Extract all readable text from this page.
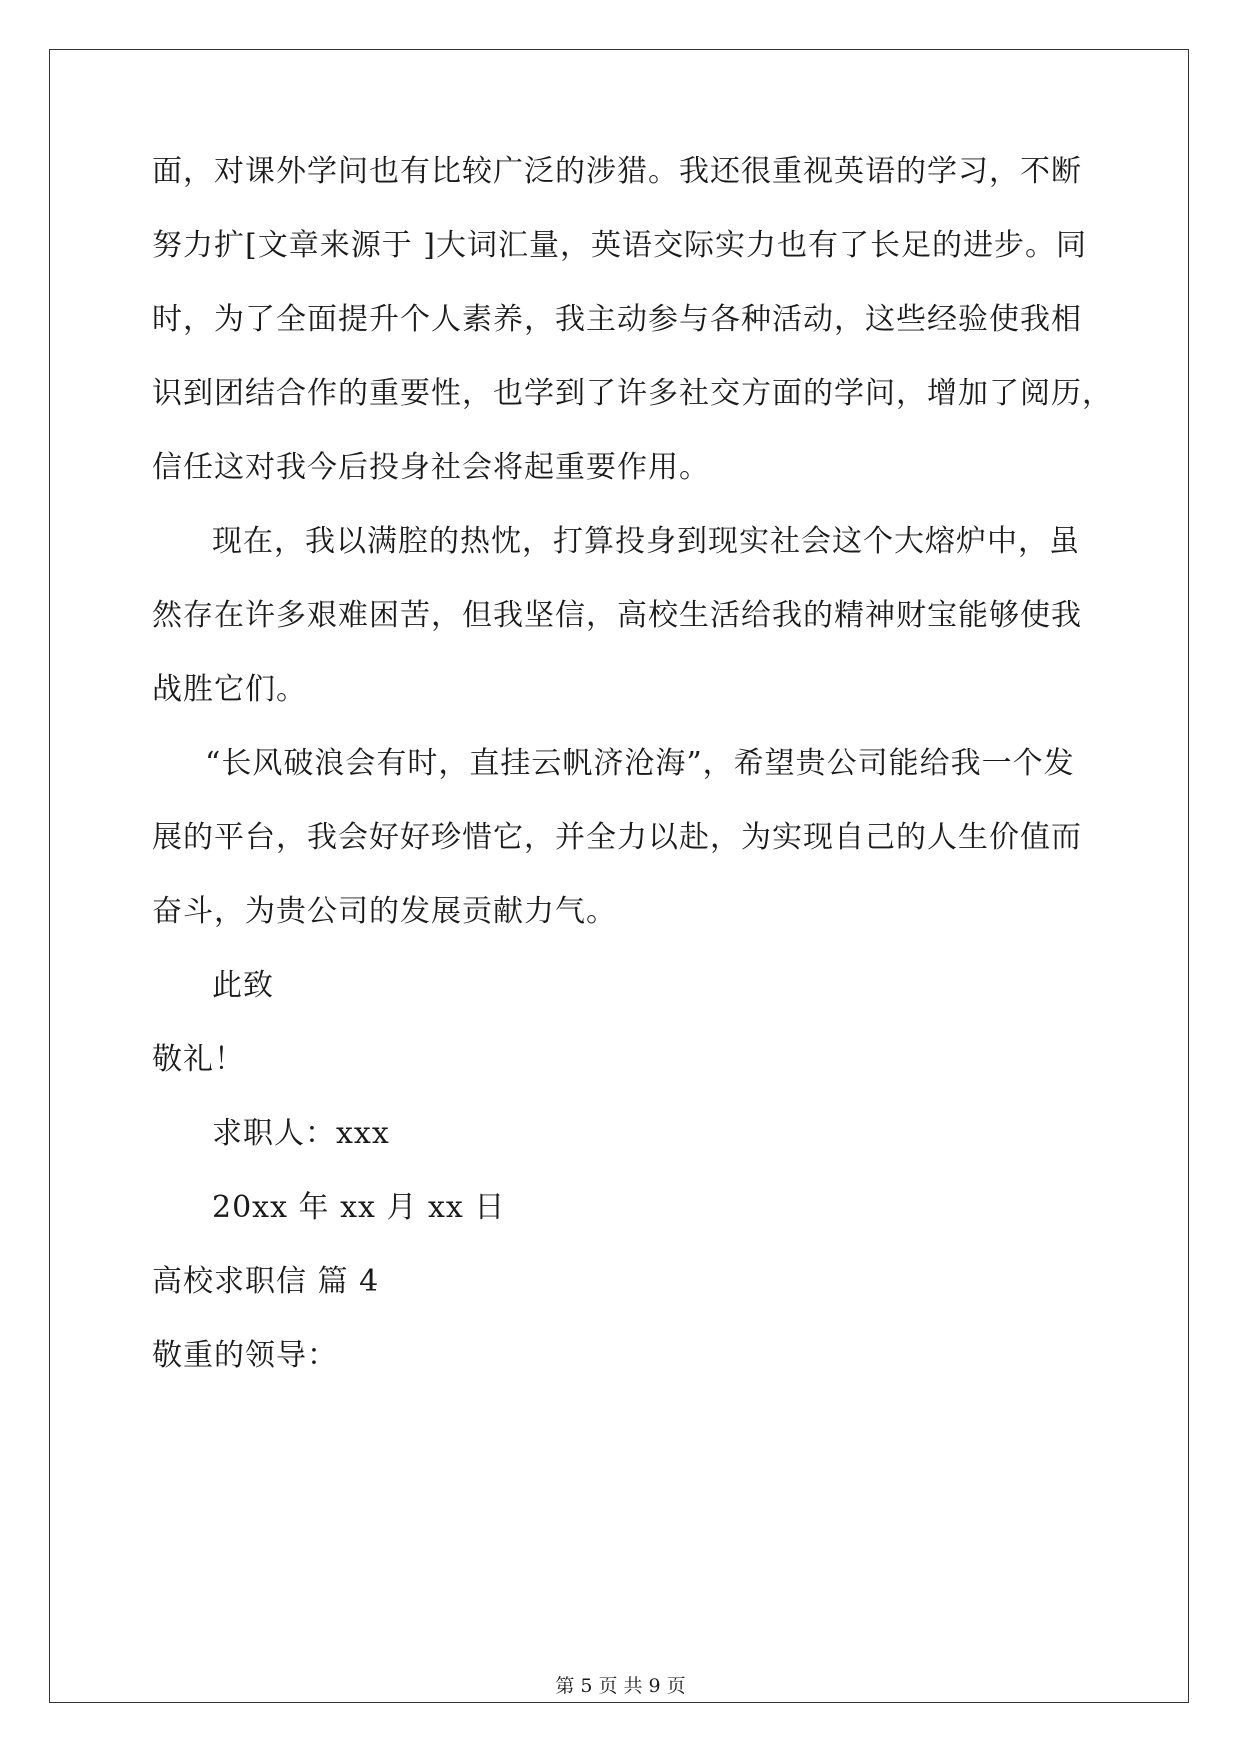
面，对课外学问也有比较广泛的涉猎。我还很重视英语的学习，不断
努力扩[文章来源于 ]大词汇量，英语交际实力也有了长足的进步。同
时，为了全面提升个人素养，我主动参与各种活动，这些经验使我相
识到团结合作的重要性，也学到了许多社交方面的学问，增加了阅历，
信任这对我今后投身社会将起重要作用。
现在，我以满腔的热忱，打算投身到现实社会这个大熔炉中，虽
然存在许多艰难困苦，但我坚信，高校生活给我的精神财宝能够使我
战胜它们。
“长风破浪会有时，直挂云帆济沧海”，希望贵公司能给我一个发
展的平台，我会好好珍惜它，并全力以赴，为实现自己的人生价值而
奋斗，为贵公司的发展贡献力气。
此致
敬礼！
求职人：xxx
20xx 年 xx 月 xx 日
高校求职信 篇 4
敬重的领导：
第 5 页 共 9 页
